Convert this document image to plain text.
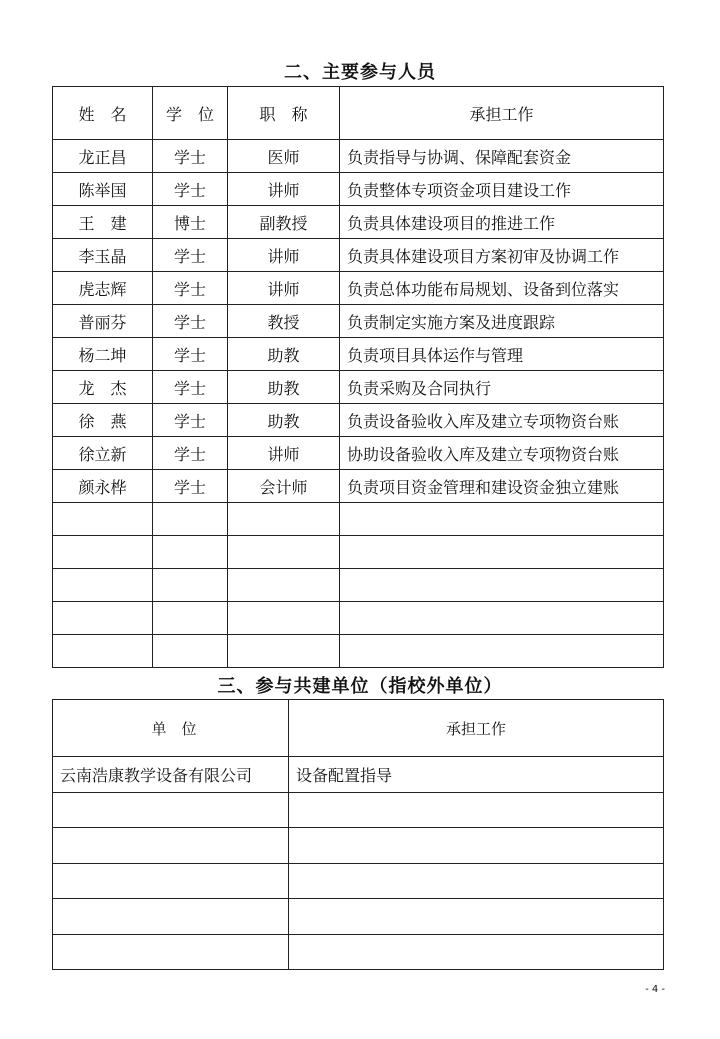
二、主要参与人员
姓　名	学　位	职　称	承担工作
龙正昌	学士	医师	负责指导与协调、保障配套资金
陈举国	学士	讲师	负责整体专项资金项目建设工作
王　建	博士	副教授	负责具体建设项目的推进工作
李玉晶	学士	讲师	负责具体建设项目方案初审及协调工作
虎志辉	学士	讲师	负责总体功能布局规划、设备到位落实
普丽芬	学士	教授	负责制定实施方案及进度跟踪
杨二坤	学士	助教	负责项目具体运作与管理
龙　杰	学士	助教	负责采购及合同执行
徐　燕	学士	助教	负责设备验收入库及建立专项物资台账
徐立新	学士	讲师	协助设备验收入库及建立专项物资台账
颜永桦	学士	会计师	负责项目资金管理和建设资金独立建账

三、参与共建单位（指校外单位）
单　位	承担工作
云南浩康教学设备有限公司	设备配置指导

- 4 -
